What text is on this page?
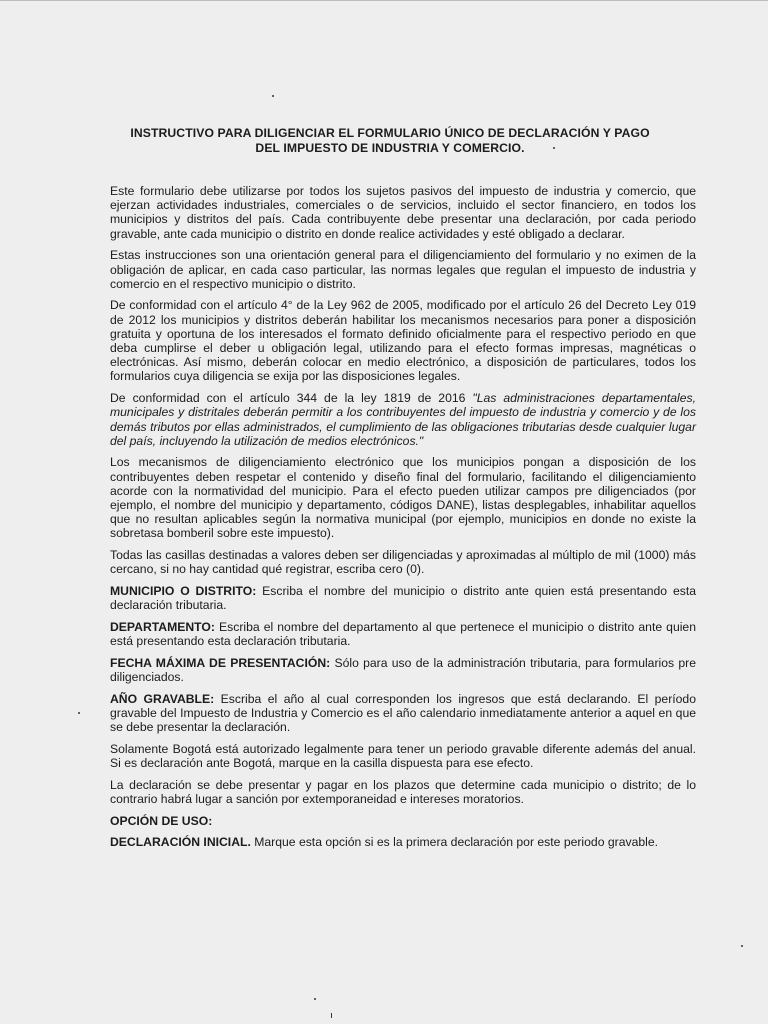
INSTRUCTIVO PARA DILIGENCIAR EL FORMULARIO ÚNICO DE DECLARACIÓN Y PAGO
DEL IMPUESTO DE INDUSTRIA Y COMERCIO.

Este formulario debe utilizarse por todos los sujetos pasivos del impuesto de industria y comercio, que ejerzan actividades industriales, comerciales o de servicios, incluido el sector financiero, en todos los municipios y distritos del país. Cada contribuyente debe presentar una declaración, por cada periodo gravable, ante cada municipio o distrito en donde realice actividades y esté obligado a declarar.

Estas instrucciones son una orientación general para el diligenciamiento del formulario y no eximen de la obligación de aplicar, en cada caso particular, las normas legales que regulan el impuesto de industria y comercio en el respectivo municipio o distrito.

De conformidad con el artículo 4° de la Ley 962 de 2005, modificado por el artículo 26 del Decreto Ley 019 de 2012 los municipios y distritos deberán habilitar los mecanismos necesarios para poner a disposición gratuita y oportuna de los interesados el formato definido oficialmente para el respectivo periodo en que deba cumplirse el deber u obligación legal, utilizando para el efecto formas impresas, magnéticas o electrónicas. Así mismo, deberán colocar en medio electrónico, a disposición de particulares, todos los formularios cuya diligencia se exija por las disposiciones legales.

De conformidad con el artículo 344 de la ley 1819 de 2016 "Las administraciones departamentales, municipales y distritales deberán permitir a los contribuyentes del impuesto de industria y comercio y de los demás tributos por ellas administrados, el cumplimiento de las obligaciones tributarias desde cualquier lugar del país, incluyendo la utilización de medios electrónicos."

Los mecanismos de diligenciamiento electrónico que los municipios pongan a disposición de los contribuyentes deben respetar el contenido y diseño final del formulario, facilitando el diligenciamiento acorde con la normatividad del municipio. Para el efecto pueden utilizar campos pre diligenciados (por ejemplo, el nombre del municipio y departamento, códigos DANE), listas desplegables, inhabilitar aquellos que no resultan aplicables según la normativa municipal (por ejemplo, municipios en donde no existe la sobretasa bomberil sobre este impuesto).

Todas las casillas destinadas a valores deben ser diligenciadas y aproximadas al múltiplo de mil (1000) más cercano, si no hay cantidad qué registrar, escriba cero (0).

MUNICIPIO O DISTRITO: Escriba el nombre del municipio o distrito ante quien está presentando esta declaración tributaria.

DEPARTAMENTO: Escriba el nombre del departamento al que pertenece el municipio o distrito ante quien está presentando esta declaración tributaria.

FECHA MÁXIMA DE PRESENTACIÓN: Sólo para uso de la administración tributaria, para formularios pre diligenciados.

AÑO GRAVABLE: Escriba el año al cual corresponden los ingresos que está declarando. El período gravable del Impuesto de Industria y Comercio es el año calendario inmediatamente anterior a aquel en que se debe presentar la declaración.

Solamente Bogotá está autorizado legalmente para tener un periodo gravable diferente además del anual. Si es declaración ante Bogotá, marque en la casilla dispuesta para ese efecto.

La declaración se debe presentar y pagar en los plazos que determine cada municipio o distrito; de lo contrario habrá lugar a sanción por extemporaneidad e intereses moratorios.

OPCIÓN DE USO:

DECLARACIÓN INICIAL. Marque esta opción si es la primera declaración por este periodo gravable.
